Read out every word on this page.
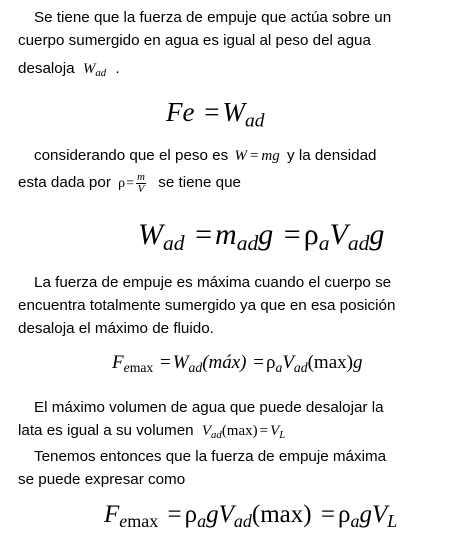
Se tiene que la fuerza de empuje que actúa sobre un

cuerpo sumergido en agua es igual al peso del agua

desaloja $W_{ad}$ .

$Fe = W_{ad}$

considerando que el peso es W = mg y la densidad

esta dada por $\rho= \frac{m}{V}$ se tiene que

$W_{ad} = m_{ad}g = \rho_aV_{ad}g$

La fuerza de empuje es máxima cuando el cuerpo se

encuentra totalmente sumergido ya que en esa posición

desaloja el máximo de fluido.

$F_{emax}$ = $W_{ad}(máx) = \rho_aV_{ad}(\max)g$

El máximo volumen de agua que puede desalojar la

lata es igual a su volumen $V_{ad}(\max) = V_L$

Tenemos entonces que la fuerza de empuje máxima

se puede expresar como

$F_{emax} = \rho_agV_{ad}(\max) = \rho_agV_L$
